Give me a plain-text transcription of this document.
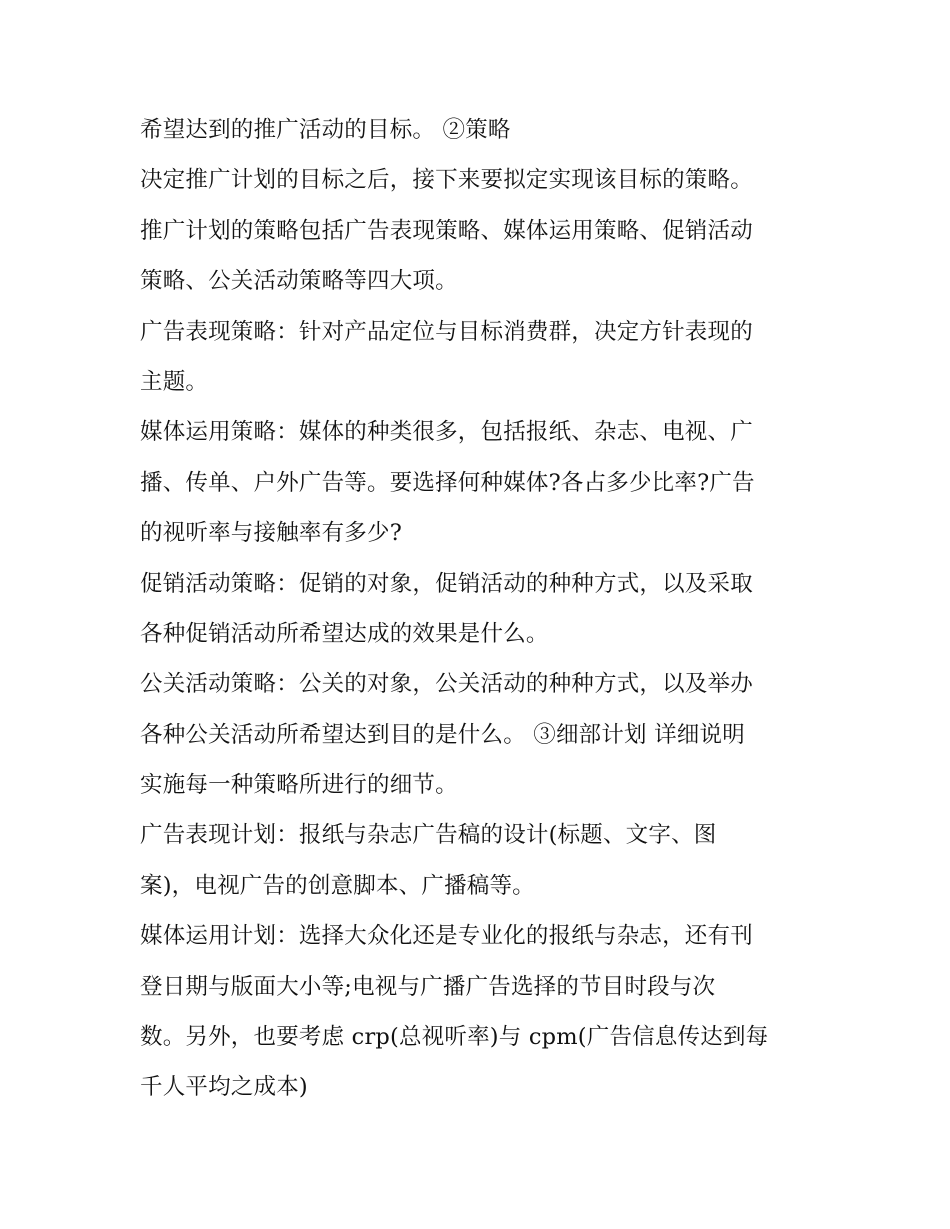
希望达到的推广活动的目标。 ②策略
决定推广计划的目标之后，接下来要拟定实现该目标的策略。
推广计划的策略包括广告表现策略、媒体运用策略、促销活动
策略、公关活动策略等四大项。
广告表现策略：针对产品定位与目标消费群，决定方针表现的
主题。
媒体运用策略：媒体的种类很多，包括报纸、杂志、电视、广
播、传单、户外广告等。要选择何种媒体?各占多少比率?广告
的视听率与接触率有多少?
促销活动策略：促销的对象，促销活动的种种方式，以及采取
各种促销活动所希望达成的效果是什么。
公关活动策略：公关的对象，公关活动的种种方式，以及举办
各种公关活动所希望达到目的是什么。 ③细部计划 详细说明
实施每一种策略所进行的细节。
广告表现计划：报纸与杂志广告稿的设计(标题、文字、图
案)，电视广告的创意脚本、广播稿等。
媒体运用计划：选择大众化还是专业化的报纸与杂志，还有刊
登日期与版面大小等;电视与广播广告选择的节目时段与次
数。另外，也要考虑 crp(总视听率)与 cpm(广告信息传达到每
千人平均之成本)
